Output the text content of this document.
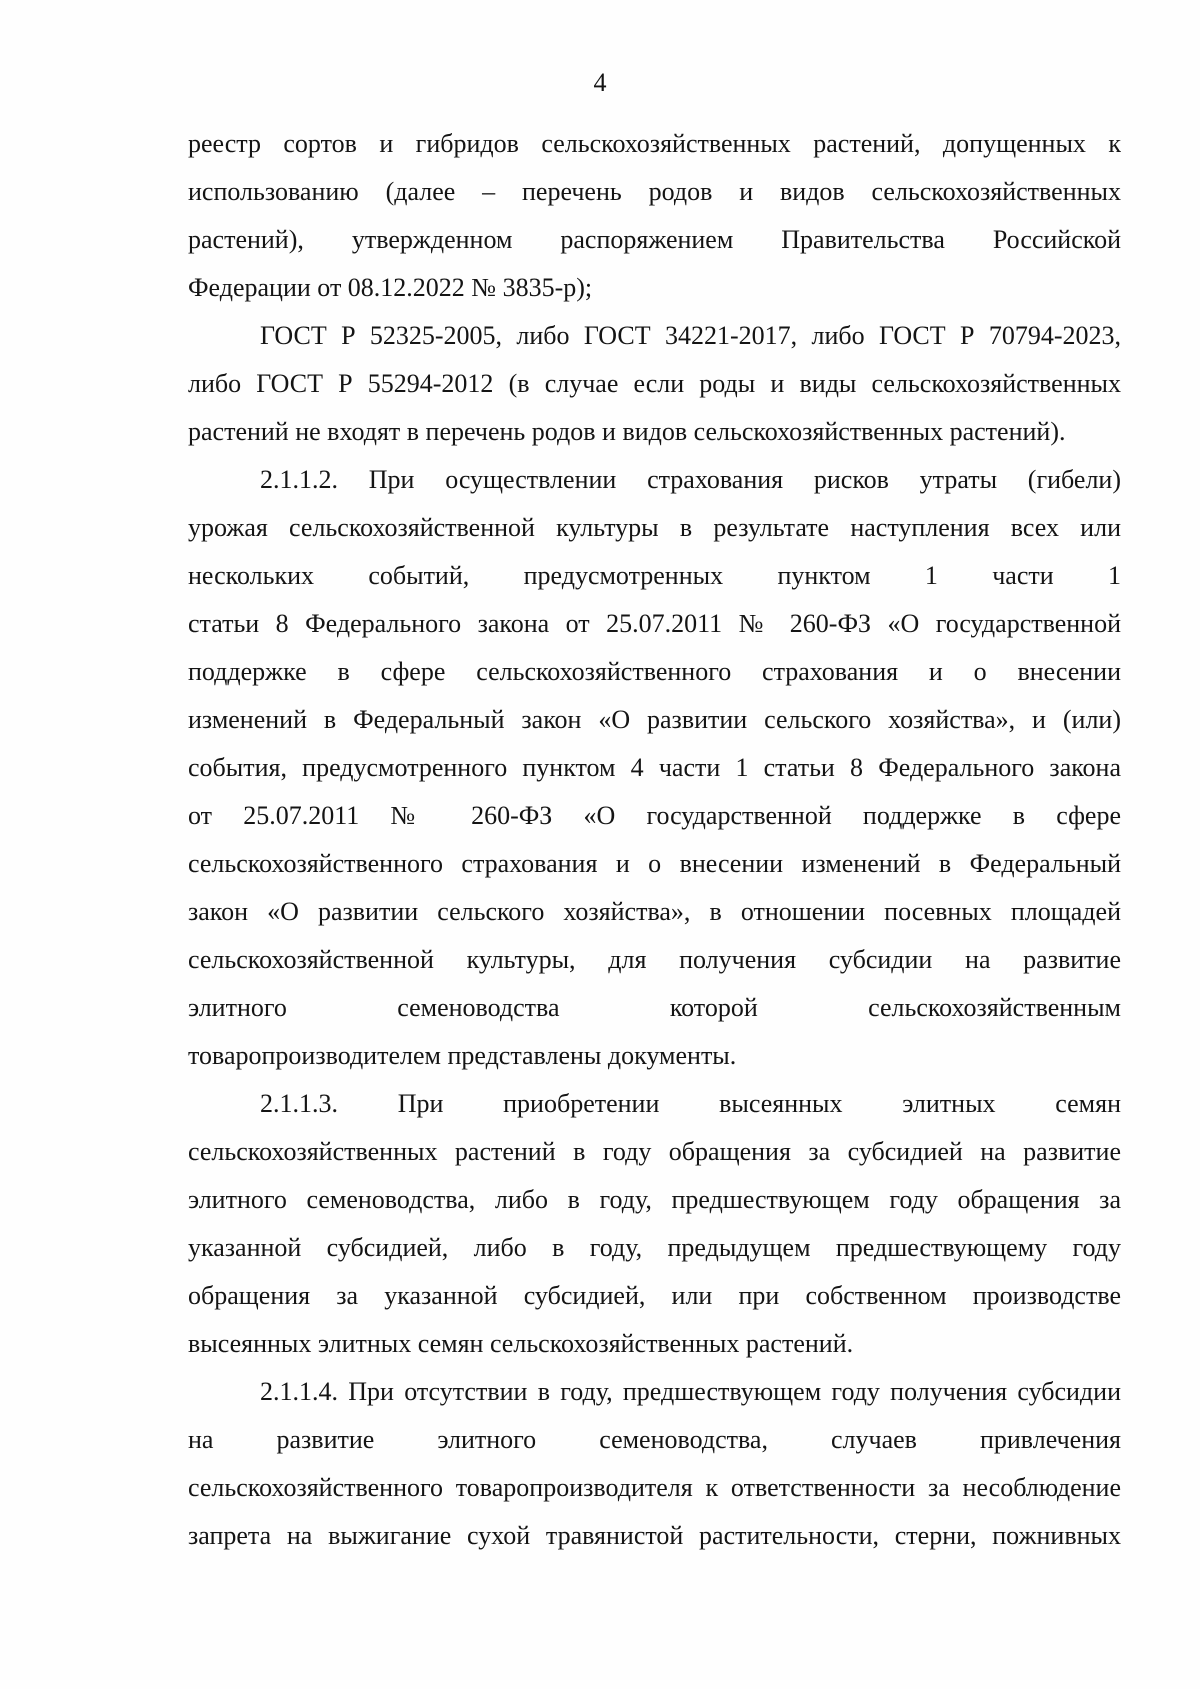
4
реестр сортов и гибридов сельскохозяйственных растений, допущенных к
использованию (далее – перечень родов и видов сельскохозяйственных
растений), утвержденном распоряжением Правительства Российской
Федерации от 08.12.2022 № 3835-р);
ГОСТ Р 52325-2005, либо ГОСТ 34221-2017, либо ГОСТ Р 70794-2023,
либо ГОСТ Р 55294-2012 (в случае если роды и виды сельскохозяйственных
растений не входят в перечень родов и видов сельскохозяйственных растений).
2.1.1.2. При осуществлении страхования рисков утраты (гибели)
урожая сельскохозяйственной культуры в результате наступления всех или
нескольких событий, предусмотренных пунктом 1 части 1
статьи 8 Федерального закона от 25.07.2011 № 260-ФЗ «О государственной
поддержке в сфере сельскохозяйственного страхования и о внесении
изменений в Федеральный закон «О развитии сельского хозяйства», и (или)
события, предусмотренного пунктом 4 части 1 статьи 8 Федерального закона
от 25.07.2011 № 260-ФЗ «О государственной поддержке в сфере
сельскохозяйственного страхования и о внесении изменений в Федеральный
закон «О развитии сельского хозяйства», в отношении посевных площадей
сельскохозяйственной культуры, для получения субсидии на развитие
элитного семеноводства которой сельскохозяйственным
товаропроизводителем представлены документы.
2.1.1.3. При приобретении высеянных элитных семян
сельскохозяйственных растений в году обращения за субсидией на развитие
элитного семеноводства, либо в году, предшествующем году обращения за
указанной субсидией, либо в году, предыдущем предшествующему году
обращения за указанной субсидией, или при собственном производстве
высеянных элитных семян сельскохозяйственных растений.
2.1.1.4. При отсутствии в году, предшествующем году получения субсидии
на развитие элитного семеноводства, случаев привлечения
сельскохозяйственного товаропроизводителя к ответственности за несоблюдение
запрета на выжигание сухой травянистой растительности, стерни, пожнивных
